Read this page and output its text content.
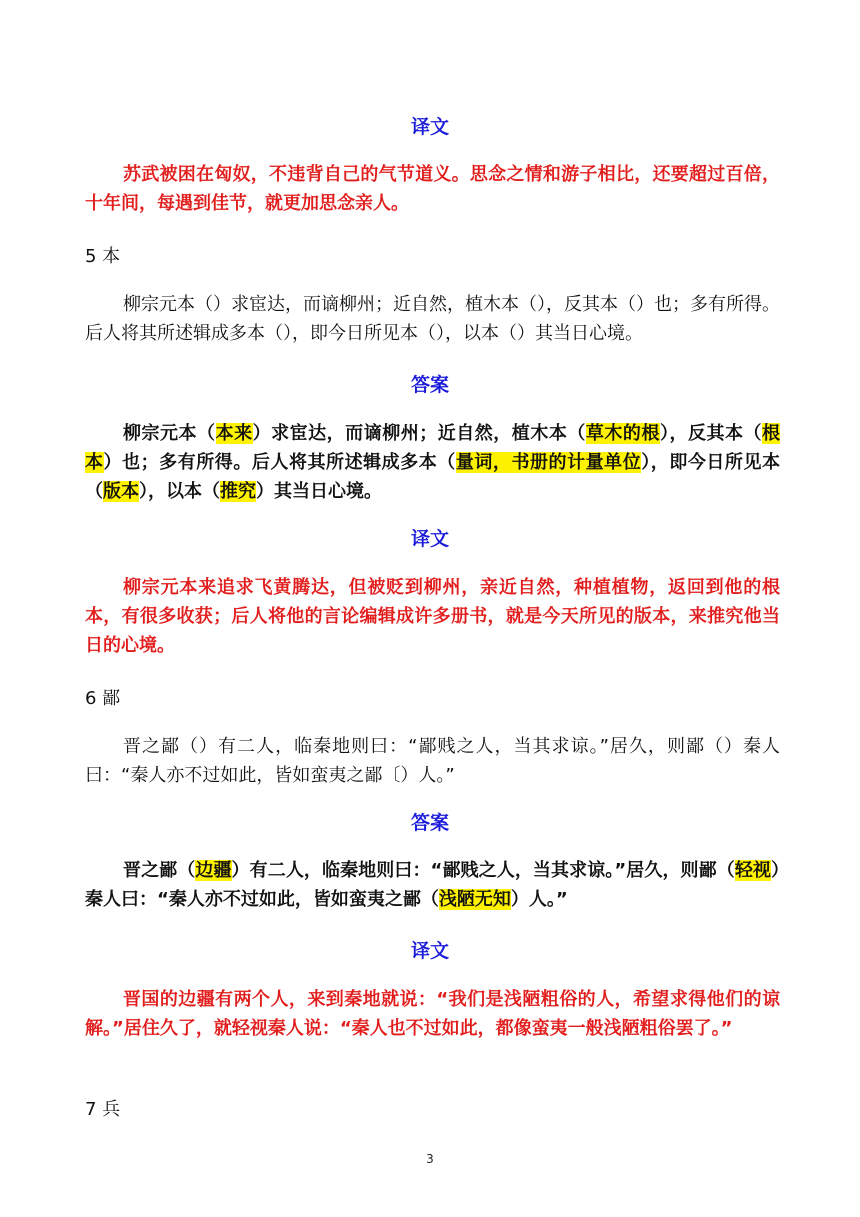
译文
苏武被困在匈奴，不违背自己的气节道义。思念之情和游子相比，还要超过百倍，十年间，每遇到佳节，就更加思念亲人。
5 本
柳宗元本（）求宦达，而谪柳州；近自然，植木本（），反其本（）也；多有所得。后人将其所述辑成多本（），即今日所见本（），以本（）其当日心境。
答案
柳宗元本（本来）求宦达，而谪柳州；近自然，植木本（草木的根），反其本（根本）也；多有所得。后人将其所述辑成多本（量词，书册的计量单位），即今日所见本（版本），以本（推究）其当日心境。
译文
柳宗元本来追求飞黄腾达，但被贬到柳州，亲近自然，种植植物，返回到他的根本，有很多收获；后人将他的言论编辑成许多册书，就是今天所见的版本，来推究他当日的心境。
6 鄙
晋之鄙（）有二人，临秦地则曰：“鄙贱之人，当其求谅。”居久，则鄙（）秦人曰：“秦人亦不过如此，皆如蛮夷之鄙〔）人。”
答案
晋之鄙（边疆）有二人，临秦地则曰：“鄙贱之人，当其求谅。”居久，则鄙（轻视）秦人曰：“秦人亦不过如此，皆如蛮夷之鄙（浅陋无知）人。”
译文
晋国的边疆有两个人，来到秦地就说：“我们是浅陋粗俗的人，希望求得他们的谅解。”居住久了，就轻视秦人说：“秦人也不过如此，都像蛮夷一般浅陋粗俗罢了。”
7 兵
3
